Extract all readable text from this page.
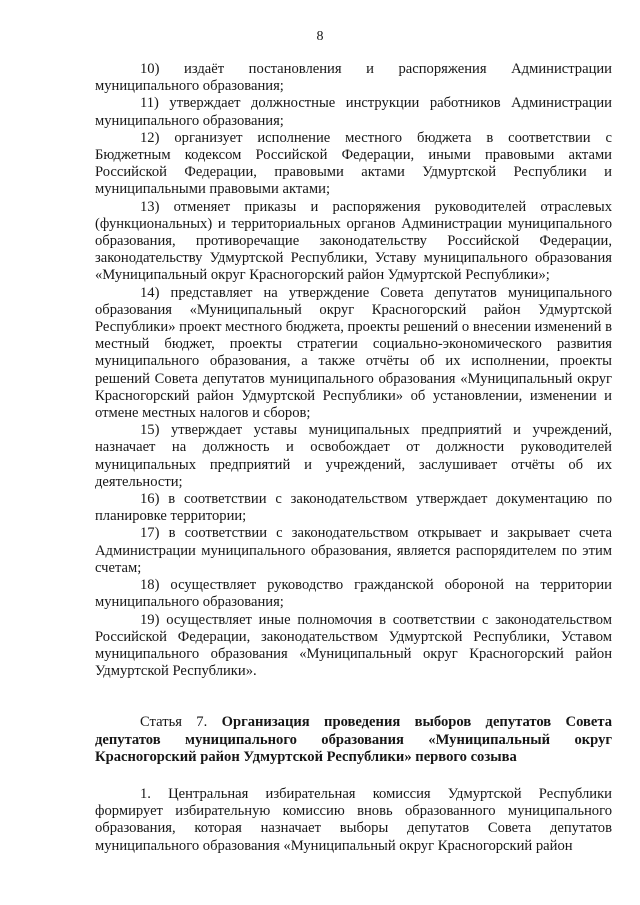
8

10) издаёт постановления и распоряжения Администрации муниципального образования;

11) утверждает должностные инструкции работников Администрации муниципального образования;

12) организует исполнение местного бюджета в соответствии с Бюджетным кодексом Российской Федерации, иными правовыми актами Российской Федерации, правовыми актами Удмуртской Республики и муниципальными правовыми актами;

13) отменяет приказы и распоряжения руководителей отраслевых (функциональных) и территориальных органов Администрации муниципального образования, противоречащие законодательству Российской Федерации, законодательству Удмуртской Республики, Уставу муниципального образования «Муниципальный округ Красногорский район Удмуртской Республики»;

14) представляет на утверждение Совета депутатов муниципального образования «Муниципальный округ Красногорский район Удмуртской Республики» проект местного бюджета, проекты решений о внесении изменений в местный бюджет, проекты стратегии социально-экономического развития муниципального образования, а также отчёты об их исполнении, проекты решений Совета депутатов муниципального образования «Муниципальный округ Красногорский район Удмуртской Республики» об установлении, изменении и отмене местных налогов и сборов;

15) утверждает уставы муниципальных предприятий и учреждений, назначает на должность и освобождает от должности руководителей муниципальных предприятий и учреждений, заслушивает отчёты об их деятельности;

16) в соответствии с законодательством утверждает документацию по планировке территории;

17) в соответствии с законодательством открывает и закрывает счета Администрации муниципального образования, является распорядителем по этим счетам;

18) осуществляет руководство гражданской обороной на территории муниципального образования;

19) осуществляет иные полномочия в соответствии с законодательством Российской Федерации, законодательством Удмуртской Республики, Уставом муниципального образования «Муниципальный округ Красногорский район Удмуртской Республики».

Статья 7. Организация проведения выборов депутатов Совета депутатов муниципального образования «Муниципальный округ Красногорский район Удмуртской Республики» первого созыва

1. Центральная избирательная комиссия Удмуртской Республики формирует избирательную комиссию вновь образованного муниципального образования, которая назначает выборы депутатов Совета депутатов муниципального образования «Муниципальный округ Красногорский район
